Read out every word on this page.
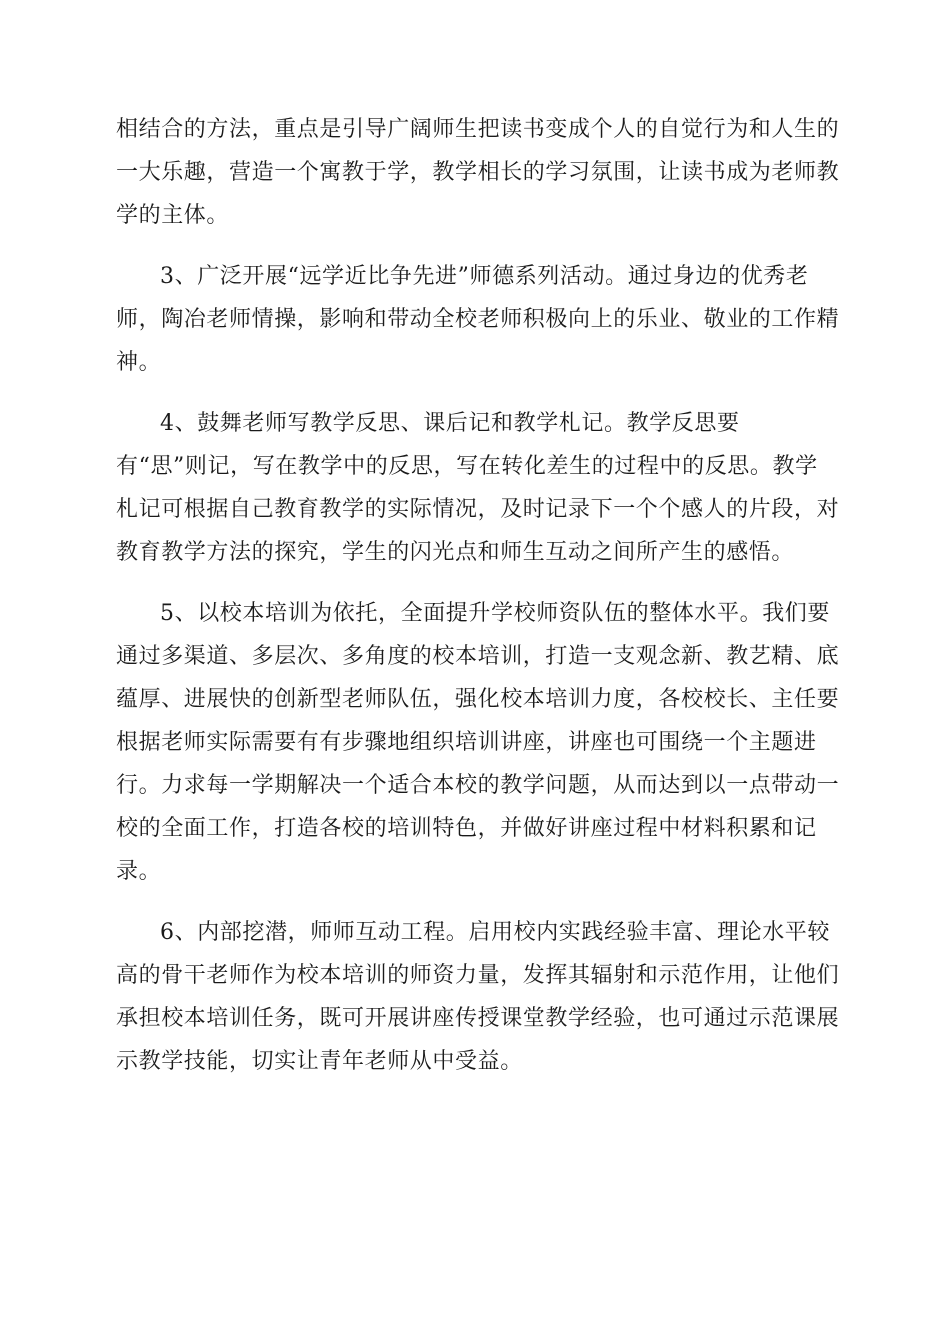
相结合的方法，重点是引导广阔师生把读书变成个人的自觉行为和人生的
一大乐趣，营造一个寓教于学，教学相长的学习氛围，让读书成为老师教
学的主体。

3、广泛开展“远学近比争先进”师德系列活动。通过身边的优秀老
师，陶冶老师情操，影响和带动全校老师积极向上的乐业、敬业的工作精
神。

4、鼓舞老师写教学反思、课后记和教学札记。教学反思要
有“思”则记，写在教学中的反思，写在转化差生的过程中的反思。教学
札记可根据自己教育教学的实际情况，及时记录下一个个感人的片段，对
教育教学方法的探究，学生的闪光点和师生互动之间所产生的感悟。

5、以校本培训为依托，全面提升学校师资队伍的整体水平。我们要
通过多渠道、多层次、多角度的校本培训，打造一支观念新、教艺精、底
蕴厚、进展快的创新型老师队伍，强化校本培训力度，各校校长、主任要
根据老师实际需要有有步骤地组织培训讲座，讲座也可围绕一个主题进
行。力求每一学期解决一个适合本校的教学问题，从而达到以一点带动一
校的全面工作，打造各校的培训特色，并做好讲座过程中材料积累和记
录。

6、内部挖潜，师师互动工程。启用校内实践经验丰富、理论水平较
高的骨干老师作为校本培训的师资力量，发挥其辐射和示范作用，让他们
承担校本培训任务，既可开展讲座传授课堂教学经验，也可通过示范课展
示教学技能，切实让青年老师从中受益。
